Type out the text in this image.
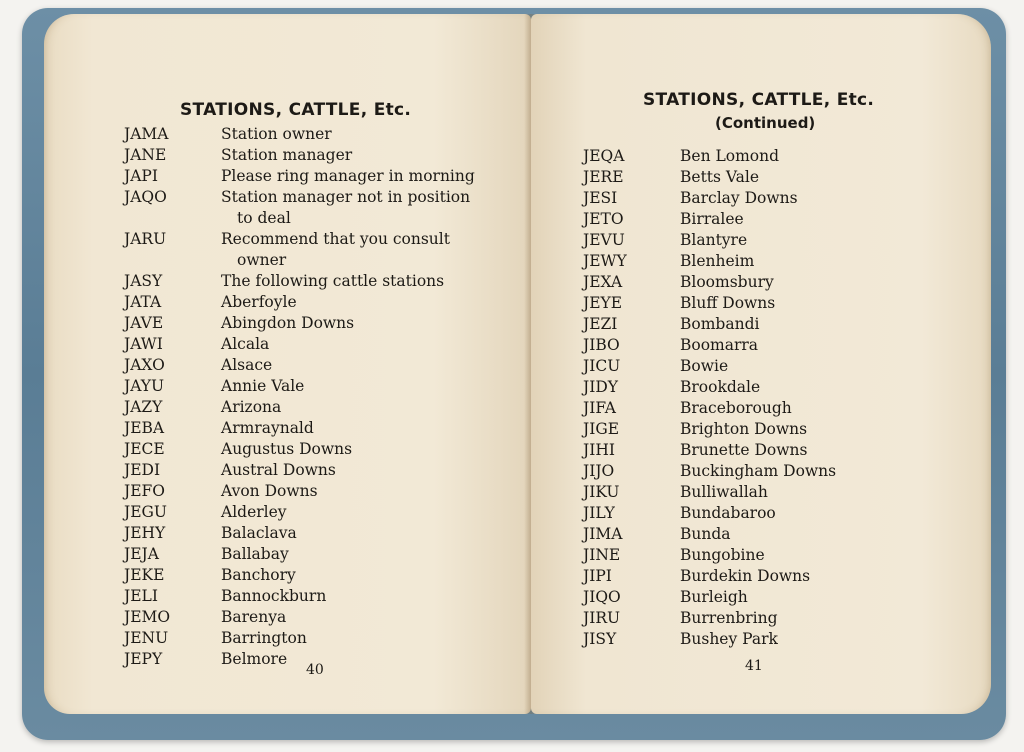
STATIONS, CATTLE, Etc.
JAMA	Station owner
JANE	Station manager
JAPI	Please ring manager in morning
JAQO	Station manager not in position
to deal
JARU	Recommend that you consult
owner
JASY	The following cattle stations
JATA	Aberfoyle
JAVE	Abingdon Downs
JAWI	Alcala
JAXO	Alsace
JAYU	Annie Vale
JAZY	Arizona
JEBA	Armraynald
JECE	Augustus Downs
JEDI	Austral Downs
JEFO	Avon Downs
JEGU	Alderley
JEHY	Balaclava
JEJA	Ballabay
JEKE	Banchory
JELI	Bannockburn
JEMO	Barenya
JENU	Barrington
JEPY	Belmore
40
STATIONS, CATTLE, Etc.
(Continued)
JEQA	Ben Lomond
JERE	Betts Vale
JESI	Barclay Downs
JETO	Birralee
JEVU	Blantyre
JEWY	Blenheim
JEXA	Bloomsbury
JEYE	Bluff Downs
JEZI	Bombandi
JIBO	Boomarra
JICU	Bowie
JIDY	Brookdale
JIFA	Braceborough
JIGE	Brighton Downs
JIHI	Brunette Downs
JIJO	Buckingham Downs
JIKU	Bulliwallah
JILY	Bundabaroo
JIMA	Bunda
JINE	Bungobine
JIPI	Burdekin Downs
JIQO	Burleigh
JIRU	Burrenbring
JISY	Bushey Park
41
